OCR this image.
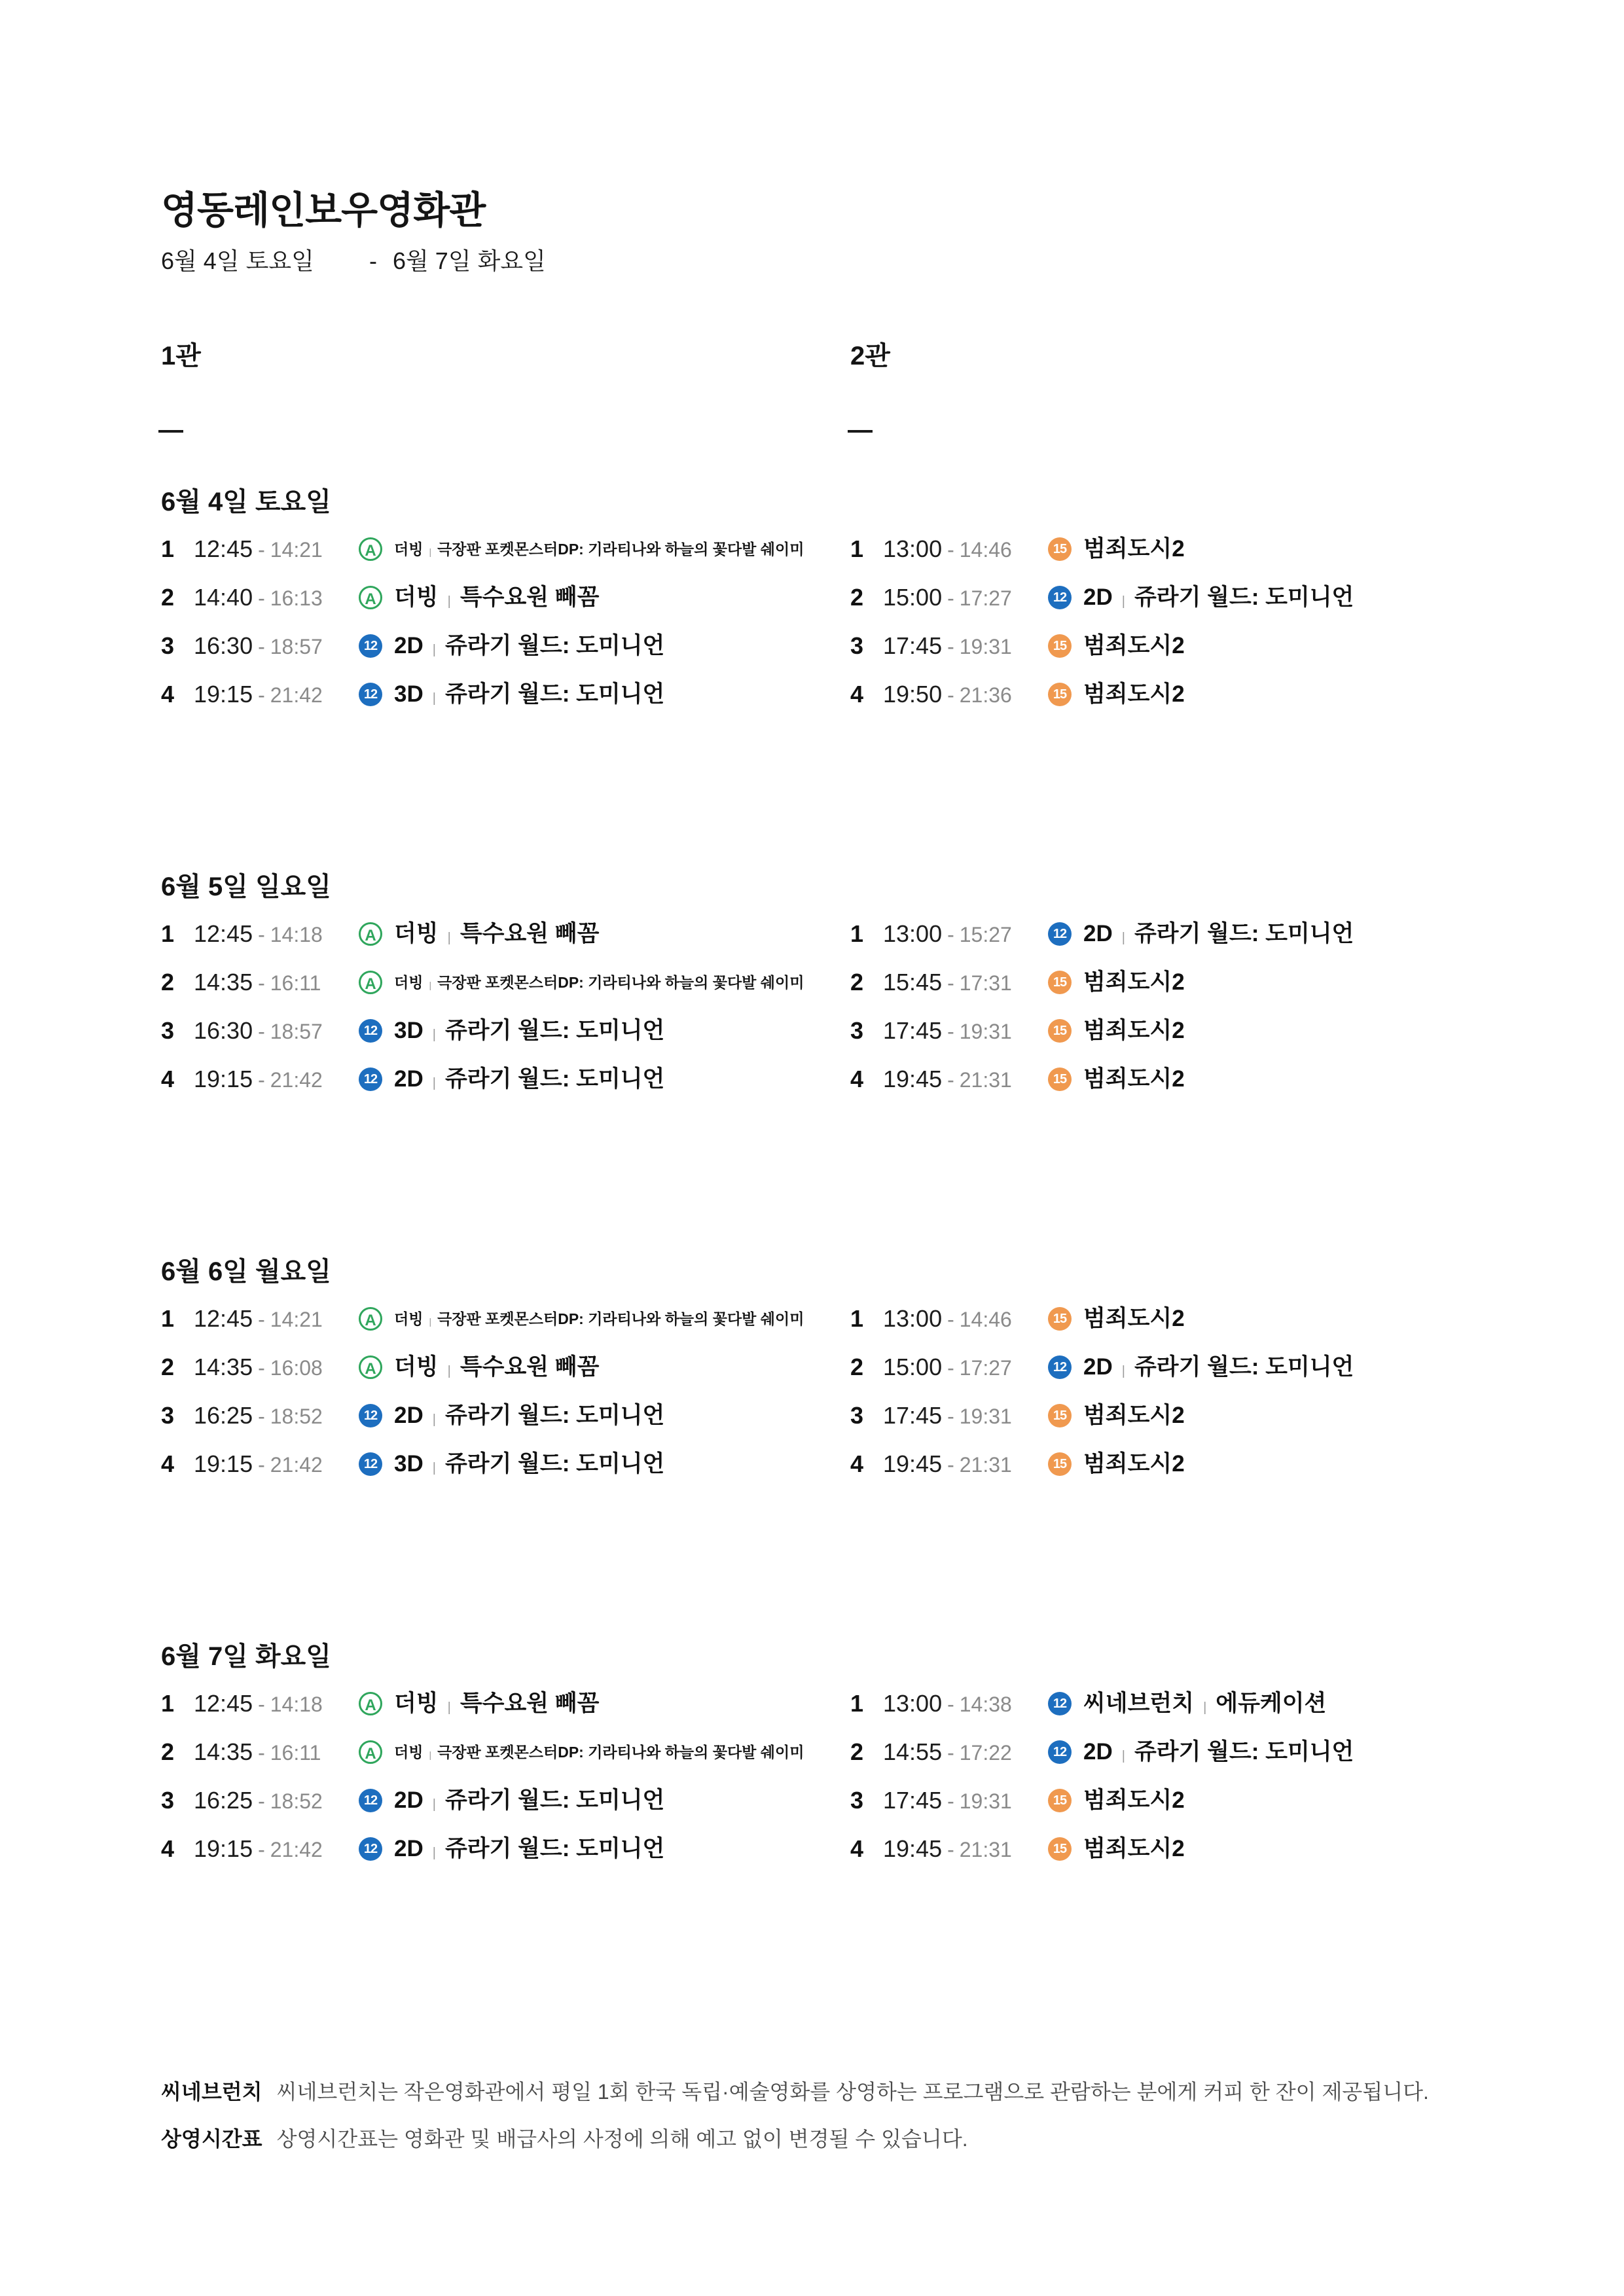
영동레인보우영화관
6월 4일 토요일 - 6월 7일 화요일
1관	2관
6월 4일 토요일
1 12:45 - 14:21	A	더빙 | 극장판 포켓몬스터DP: 기라티나와 하늘의 꽃다발 쉐이미
2 14:40 - 16:13	A 더빙 | 특수요원 빼꼼
3 16:30 - 18:57	12 2D | 쥬라기 월드: 도미니언
4 19:15 - 21:42	12 3D | 쥬라기 월드: 도미니언
1 13:00 - 14:46	15 범죄도시2
2 15:00 - 17:27	12 2D | 쥬라기 월드: 도미니언
3 17:45 - 19:31	15 범죄도시2
4 19:50 - 21:36	15 범죄도시2
6월 5일 일요일
1 12:45 - 14:18	A 더빙 | 특수요원 빼꼼
2 14:35 - 16:11	A	더빙 | 극장판 포켓몬스터DP: 기라티나와 하늘의 꽃다발 쉐이미
3 16:30 - 18:57	12 3D | 쥬라기 월드: 도미니언
4 19:15 - 21:42	12 2D | 쥬라기 월드: 도미니언
1 13:00 - 15:27	12 2D | 쥬라기 월드: 도미니언
2 15:45 - 17:31	15 범죄도시2
3 17:45 - 19:31	15 범죄도시2
4 19:45 - 21:31	15 범죄도시2
6월 6일 월요일
1 12:45 - 14:21	A	더빙 | 극장판 포켓몬스터DP: 기라티나와 하늘의 꽃다발 쉐이미
2 14:35 - 16:08	A 더빙 | 특수요원 빼꼼
3 16:25 - 18:52	12 2D | 쥬라기 월드: 도미니언
4 19:15 - 21:42	12 3D | 쥬라기 월드: 도미니언
1 13:00 - 14:46	15 범죄도시2
2 15:00 - 17:27	12 2D | 쥬라기 월드: 도미니언
3 17:45 - 19:31	15 범죄도시2
4 19:45 - 21:31	15 범죄도시2
6월 7일 화요일
1 12:45 - 14:18	A 더빙 | 특수요원 빼꼼
2 14:35 - 16:11	A	더빙 | 극장판 포켓몬스터DP: 기라티나와 하늘의 꽃다발 쉐이미
3 16:25 - 18:52	12 2D | 쥬라기 월드: 도미니언
4 19:15 - 21:42	12 2D | 쥬라기 월드: 도미니언
1 13:00 - 14:38	12 씨네브런치 | 에듀케이션
2 14:55 - 17:22	12 2D | 쥬라기 월드: 도미니언
3 17:45 - 19:31	15 범죄도시2
4 19:45 - 21:31	15 범죄도시2
씨네브런치 씨네브런치는 작은영화관에서 평일 1회 한국 독립·예술영화를 상영하는 프로그램으로 관람하는 분에게 커피 한 잔이 제공됩니다.
상영시간표 상영시간표는 영화관 및 배급사의 사정에 의해 예고 없이 변경될 수 있습니다.
